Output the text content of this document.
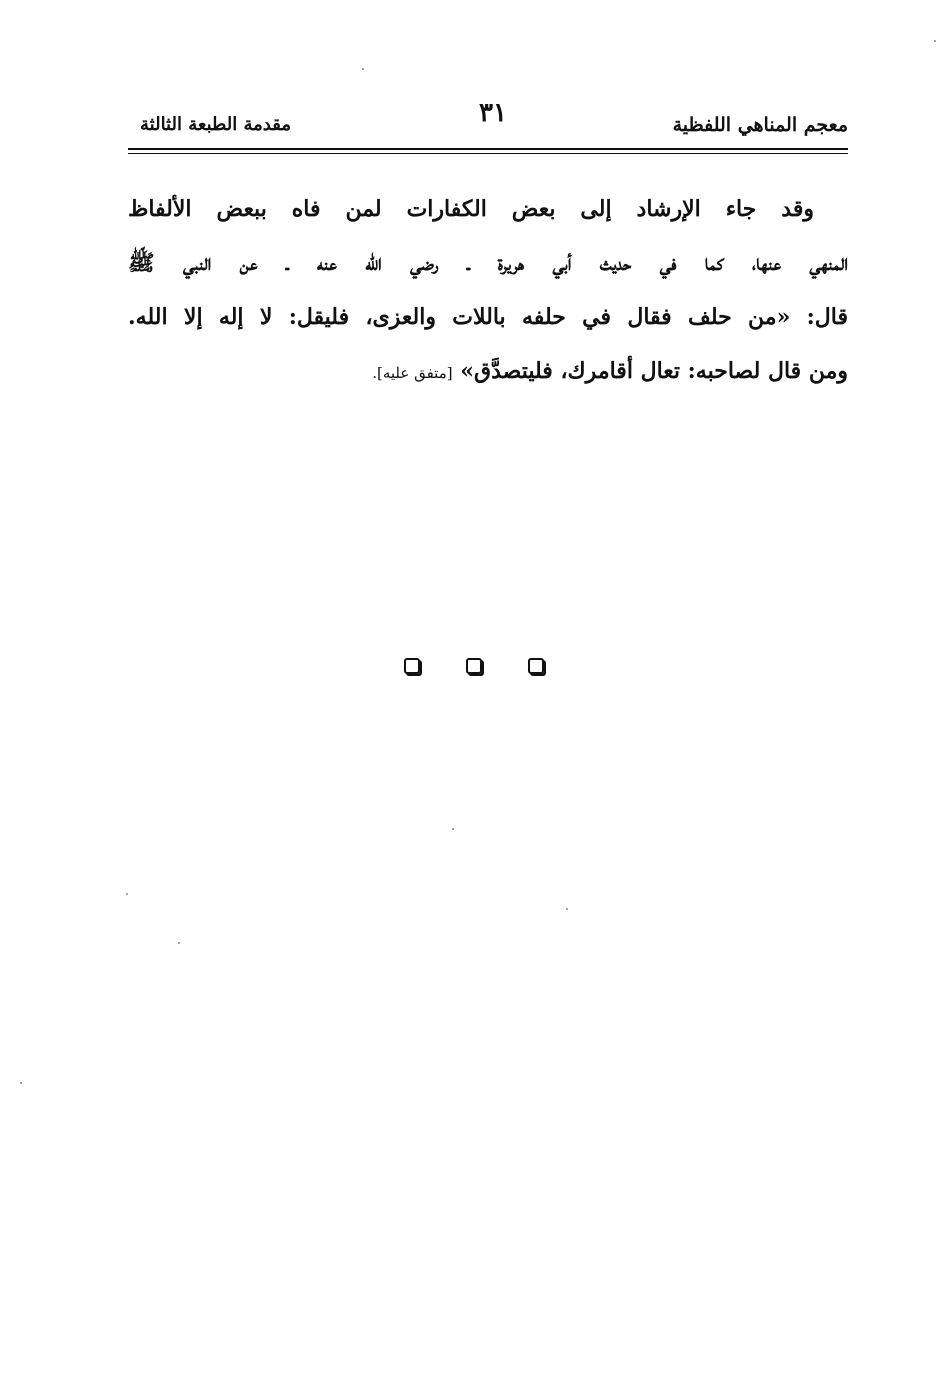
معجم المناهي اللفظية
٣١
مقدمة الطبعة الثالثة
وقد جاء الإرشاد إلى بعض الكفارات لمن فاه ببعض الألفاظ
المنهي عنها، كما في حديث أبي هريرة ـ رضي الله عنه ـ عن النبي ﷺ
قال: «من حلف فقال في حلفه باللات والعزى، فليقل: لا إله إلا الله.
ومن قال لصاحبه: تعال أقامرك، فليتصدَّق» [متفق عليه].
